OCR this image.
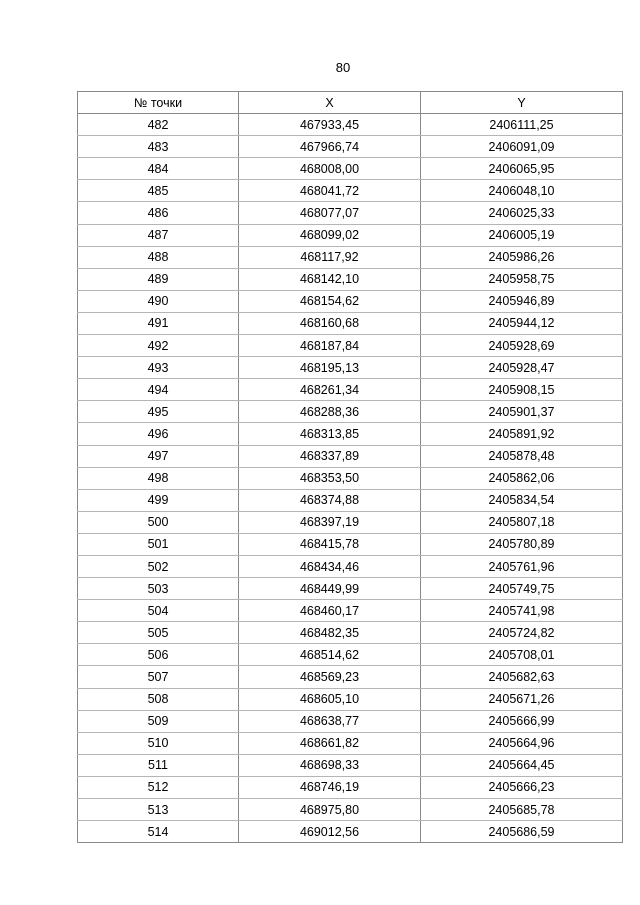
80
№ точки	X	Y
482	467933,45	2406111,25
483	467966,74	2406091,09
484	468008,00	2406065,95
485	468041,72	2406048,10
486	468077,07	2406025,33
487	468099,02	2406005,19
488	468117,92	2405986,26
489	468142,10	2405958,75
490	468154,62	2405946,89
491	468160,68	2405944,12
492	468187,84	2405928,69
493	468195,13	2405928,47
494	468261,34	2405908,15
495	468288,36	2405901,37
496	468313,85	2405891,92
497	468337,89	2405878,48
498	468353,50	2405862,06
499	468374,88	2405834,54
500	468397,19	2405807,18
501	468415,78	2405780,89
502	468434,46	2405761,96
503	468449,99	2405749,75
504	468460,17	2405741,98
505	468482,35	2405724,82
506	468514,62	2405708,01
507	468569,23	2405682,63
508	468605,10	2405671,26
509	468638,77	2405666,99
510	468661,82	2405664,96
511	468698,33	2405664,45
512	468746,19	2405666,23
513	468975,80	2405685,78
514	469012,56	2405686,59
